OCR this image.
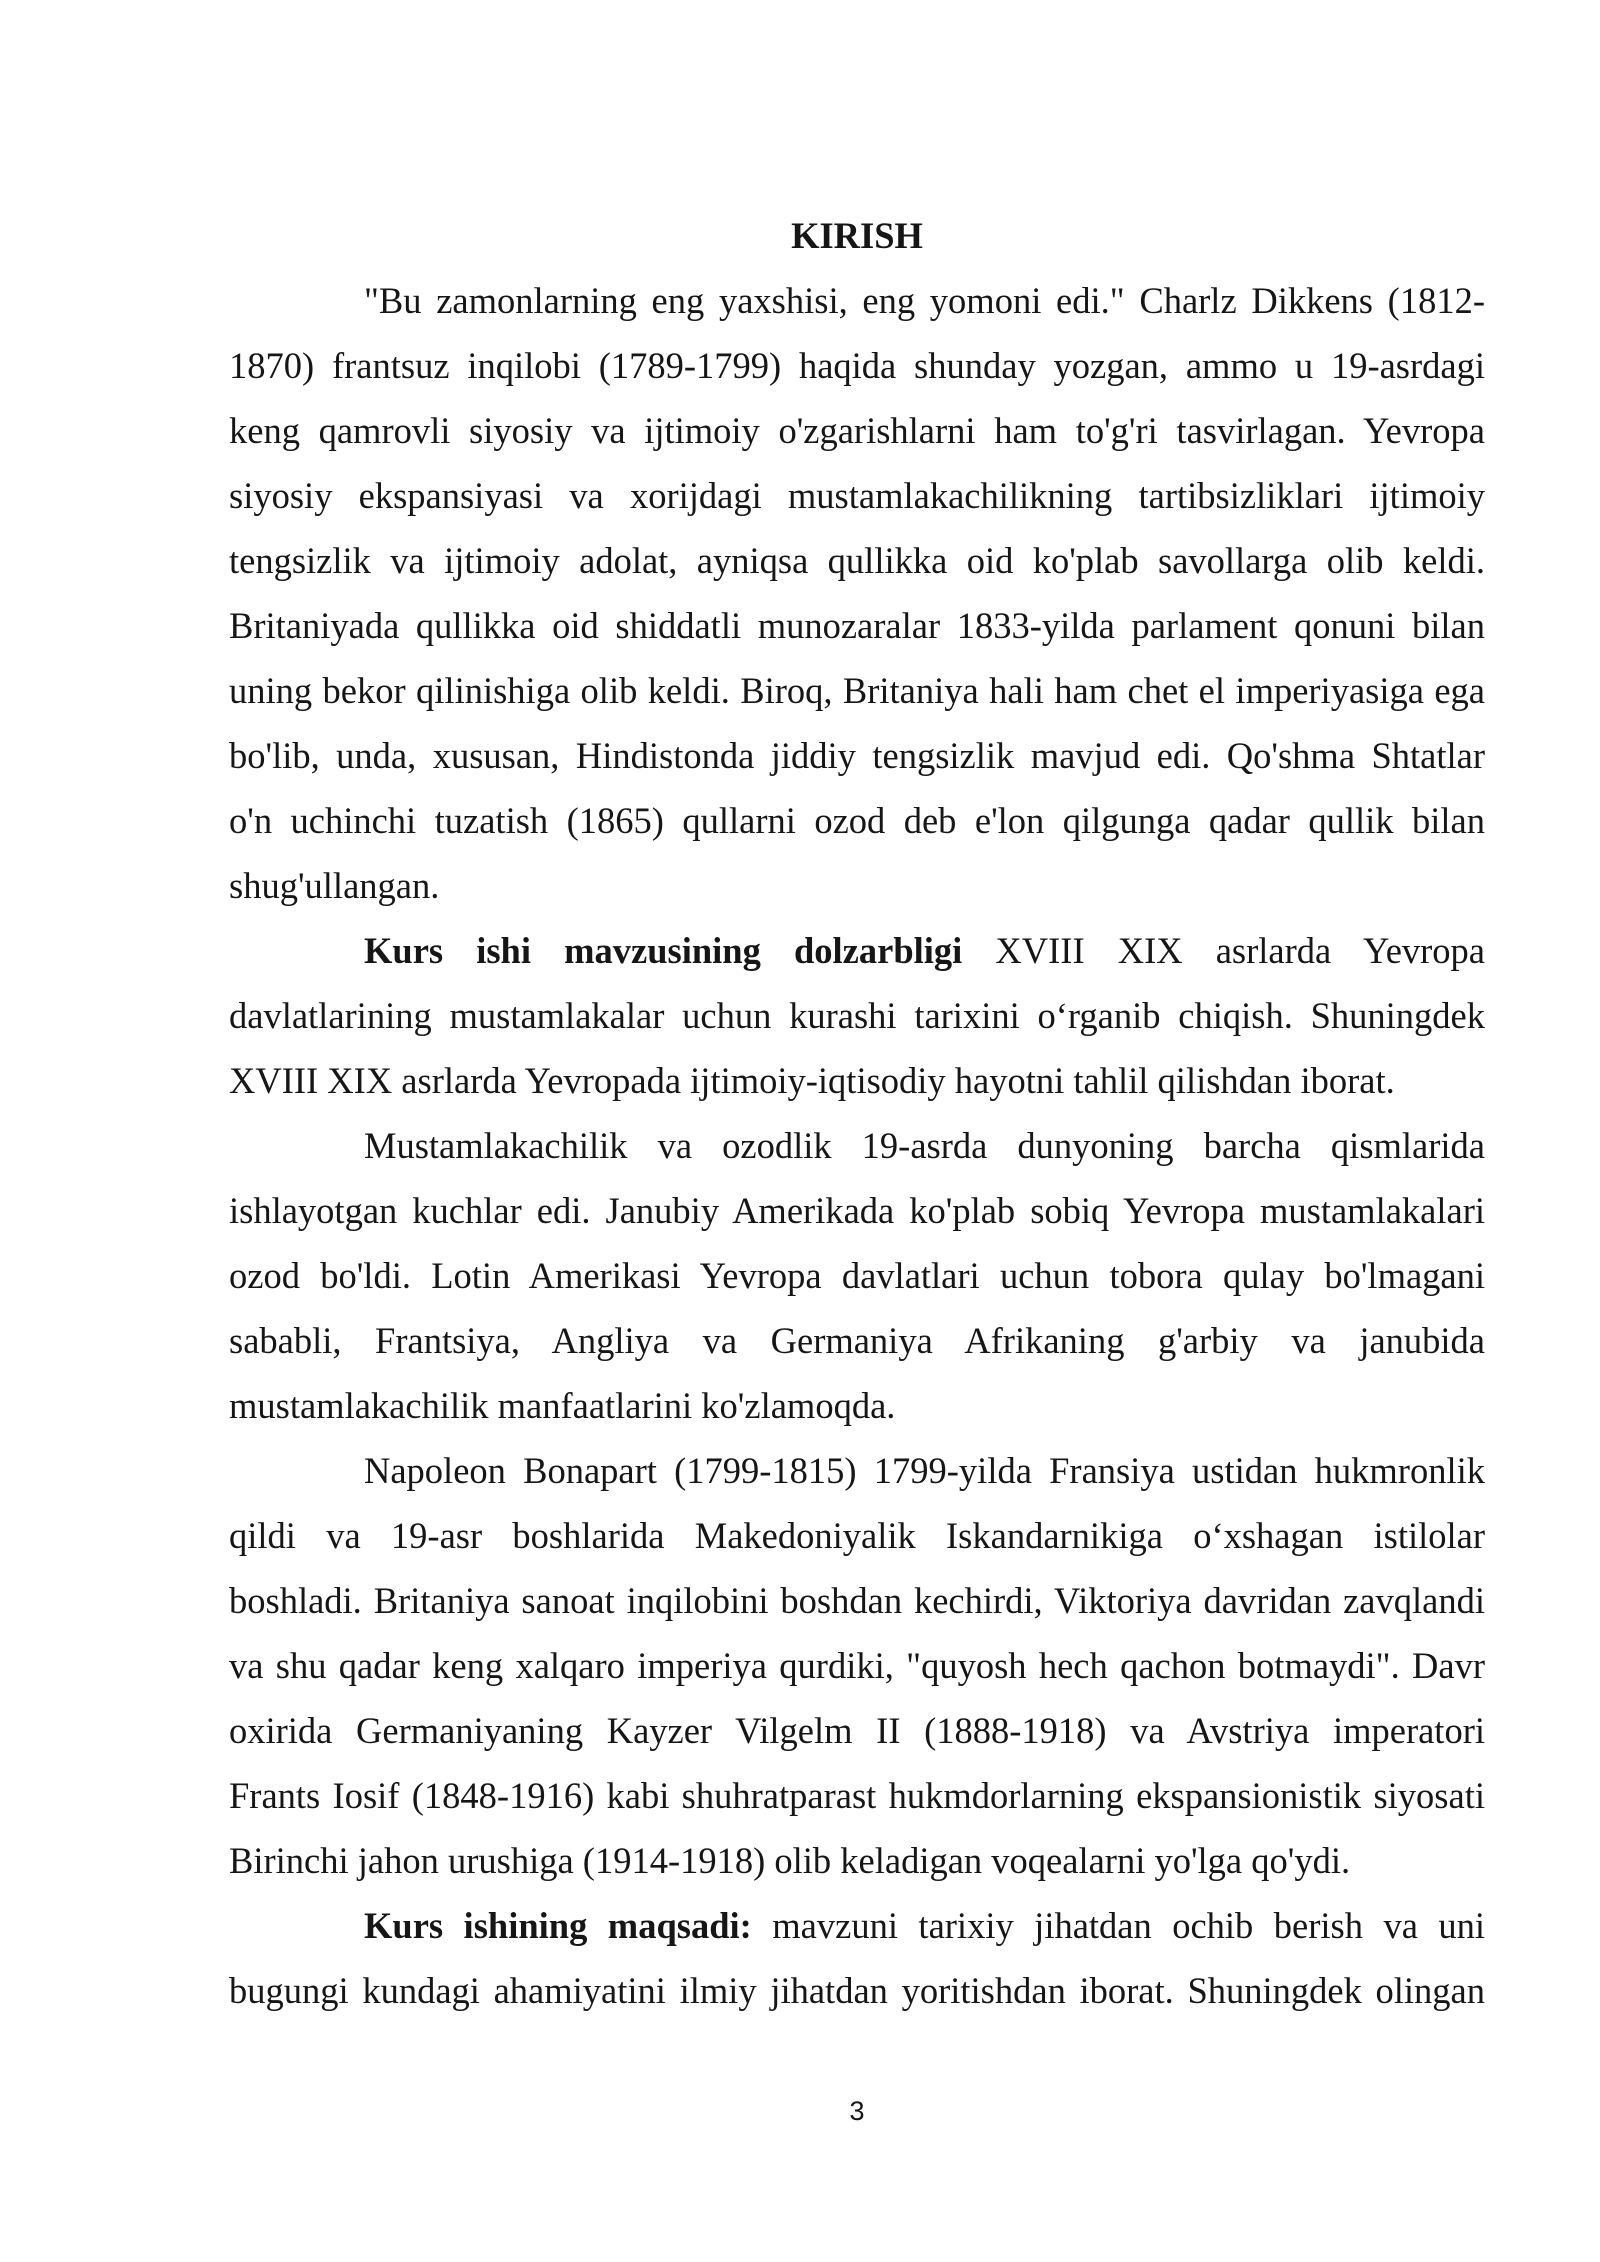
KIRISH
"Bu zamonlarning eng yaxshisi, eng yomoni edi." Charlz Dikkens (1812-
1870) frantsuz inqilobi (1789-1799) haqida shunday yozgan, ammo u 19-asrdagi
keng qamrovli siyosiy va ijtimoiy o'zgarishlarni ham to'g'ri tasvirlagan. Yevropa
siyosiy ekspansiyasi va xorijdagi mustamlakachilikning tartibsizliklari ijtimoiy
tengsizlik va ijtimoiy adolat, ayniqsa qullikka oid ko'plab savollarga olib keldi.
Britaniyada qullikka oid shiddatli munozaralar 1833-yilda parlament qonuni bilan
uning bekor qilinishiga olib keldi. Biroq, Britaniya hali ham chet el imperiyasiga ega
bo'lib, unda, xususan, Hindistonda jiddiy tengsizlik mavjud edi. Qo'shma Shtatlar
o'n uchinchi tuzatish (1865) qullarni ozod deb e'lon qilgunga qadar qullik bilan
shug'ullangan.
Kurs ishi mavzusining dolzarbligi XVIII XIX asrlarda Yevropa
davlatlarining mustamlakalar uchun kurashi tarixini o‘rganib chiqish. Shuningdek
XVIII XIX asrlarda Yevropada ijtimoiy-iqtisodiy hayotni tahlil qilishdan iborat.
Mustamlakachilik va ozodlik 19-asrda dunyoning barcha qismlarida
ishlayotgan kuchlar edi. Janubiy Amerikada ko'plab sobiq Yevropa mustamlakalari
ozod bo'ldi. Lotin Amerikasi Yevropa davlatlari uchun tobora qulay bo'lmagani
sababli, Frantsiya, Angliya va Germaniya Afrikaning g'arbiy va janubida
mustamlakachilik manfaatlarini ko'zlamoqda.
Napoleon Bonapart (1799-1815) 1799-yilda Fransiya ustidan hukmronlik
qildi va 19-asr boshlarida Makedoniyalik Iskandarnikiga o‘xshagan istilolar
boshladi. Britaniya sanoat inqilobini boshdan kechirdi, Viktoriya davridan zavqlandi
va shu qadar keng xalqaro imperiya qurdiki, "quyosh hech qachon botmaydi". Davr
oxirida Germaniyaning Kayzer Vilgelm II (1888-1918) va Avstriya imperatori
Frants Iosif (1848-1916) kabi shuhratparast hukmdorlarning ekspansionistik siyosati
Birinchi jahon urushiga (1914-1918) olib keladigan voqealarni yo'lga qo'ydi.
Kurs ishining maqsadi: mavzuni tarixiy jihatdan ochib berish va uni
bugungi kundagi ahamiyatini ilmiy jihatdan yoritishdan iborat. Shuningdek olingan
3
